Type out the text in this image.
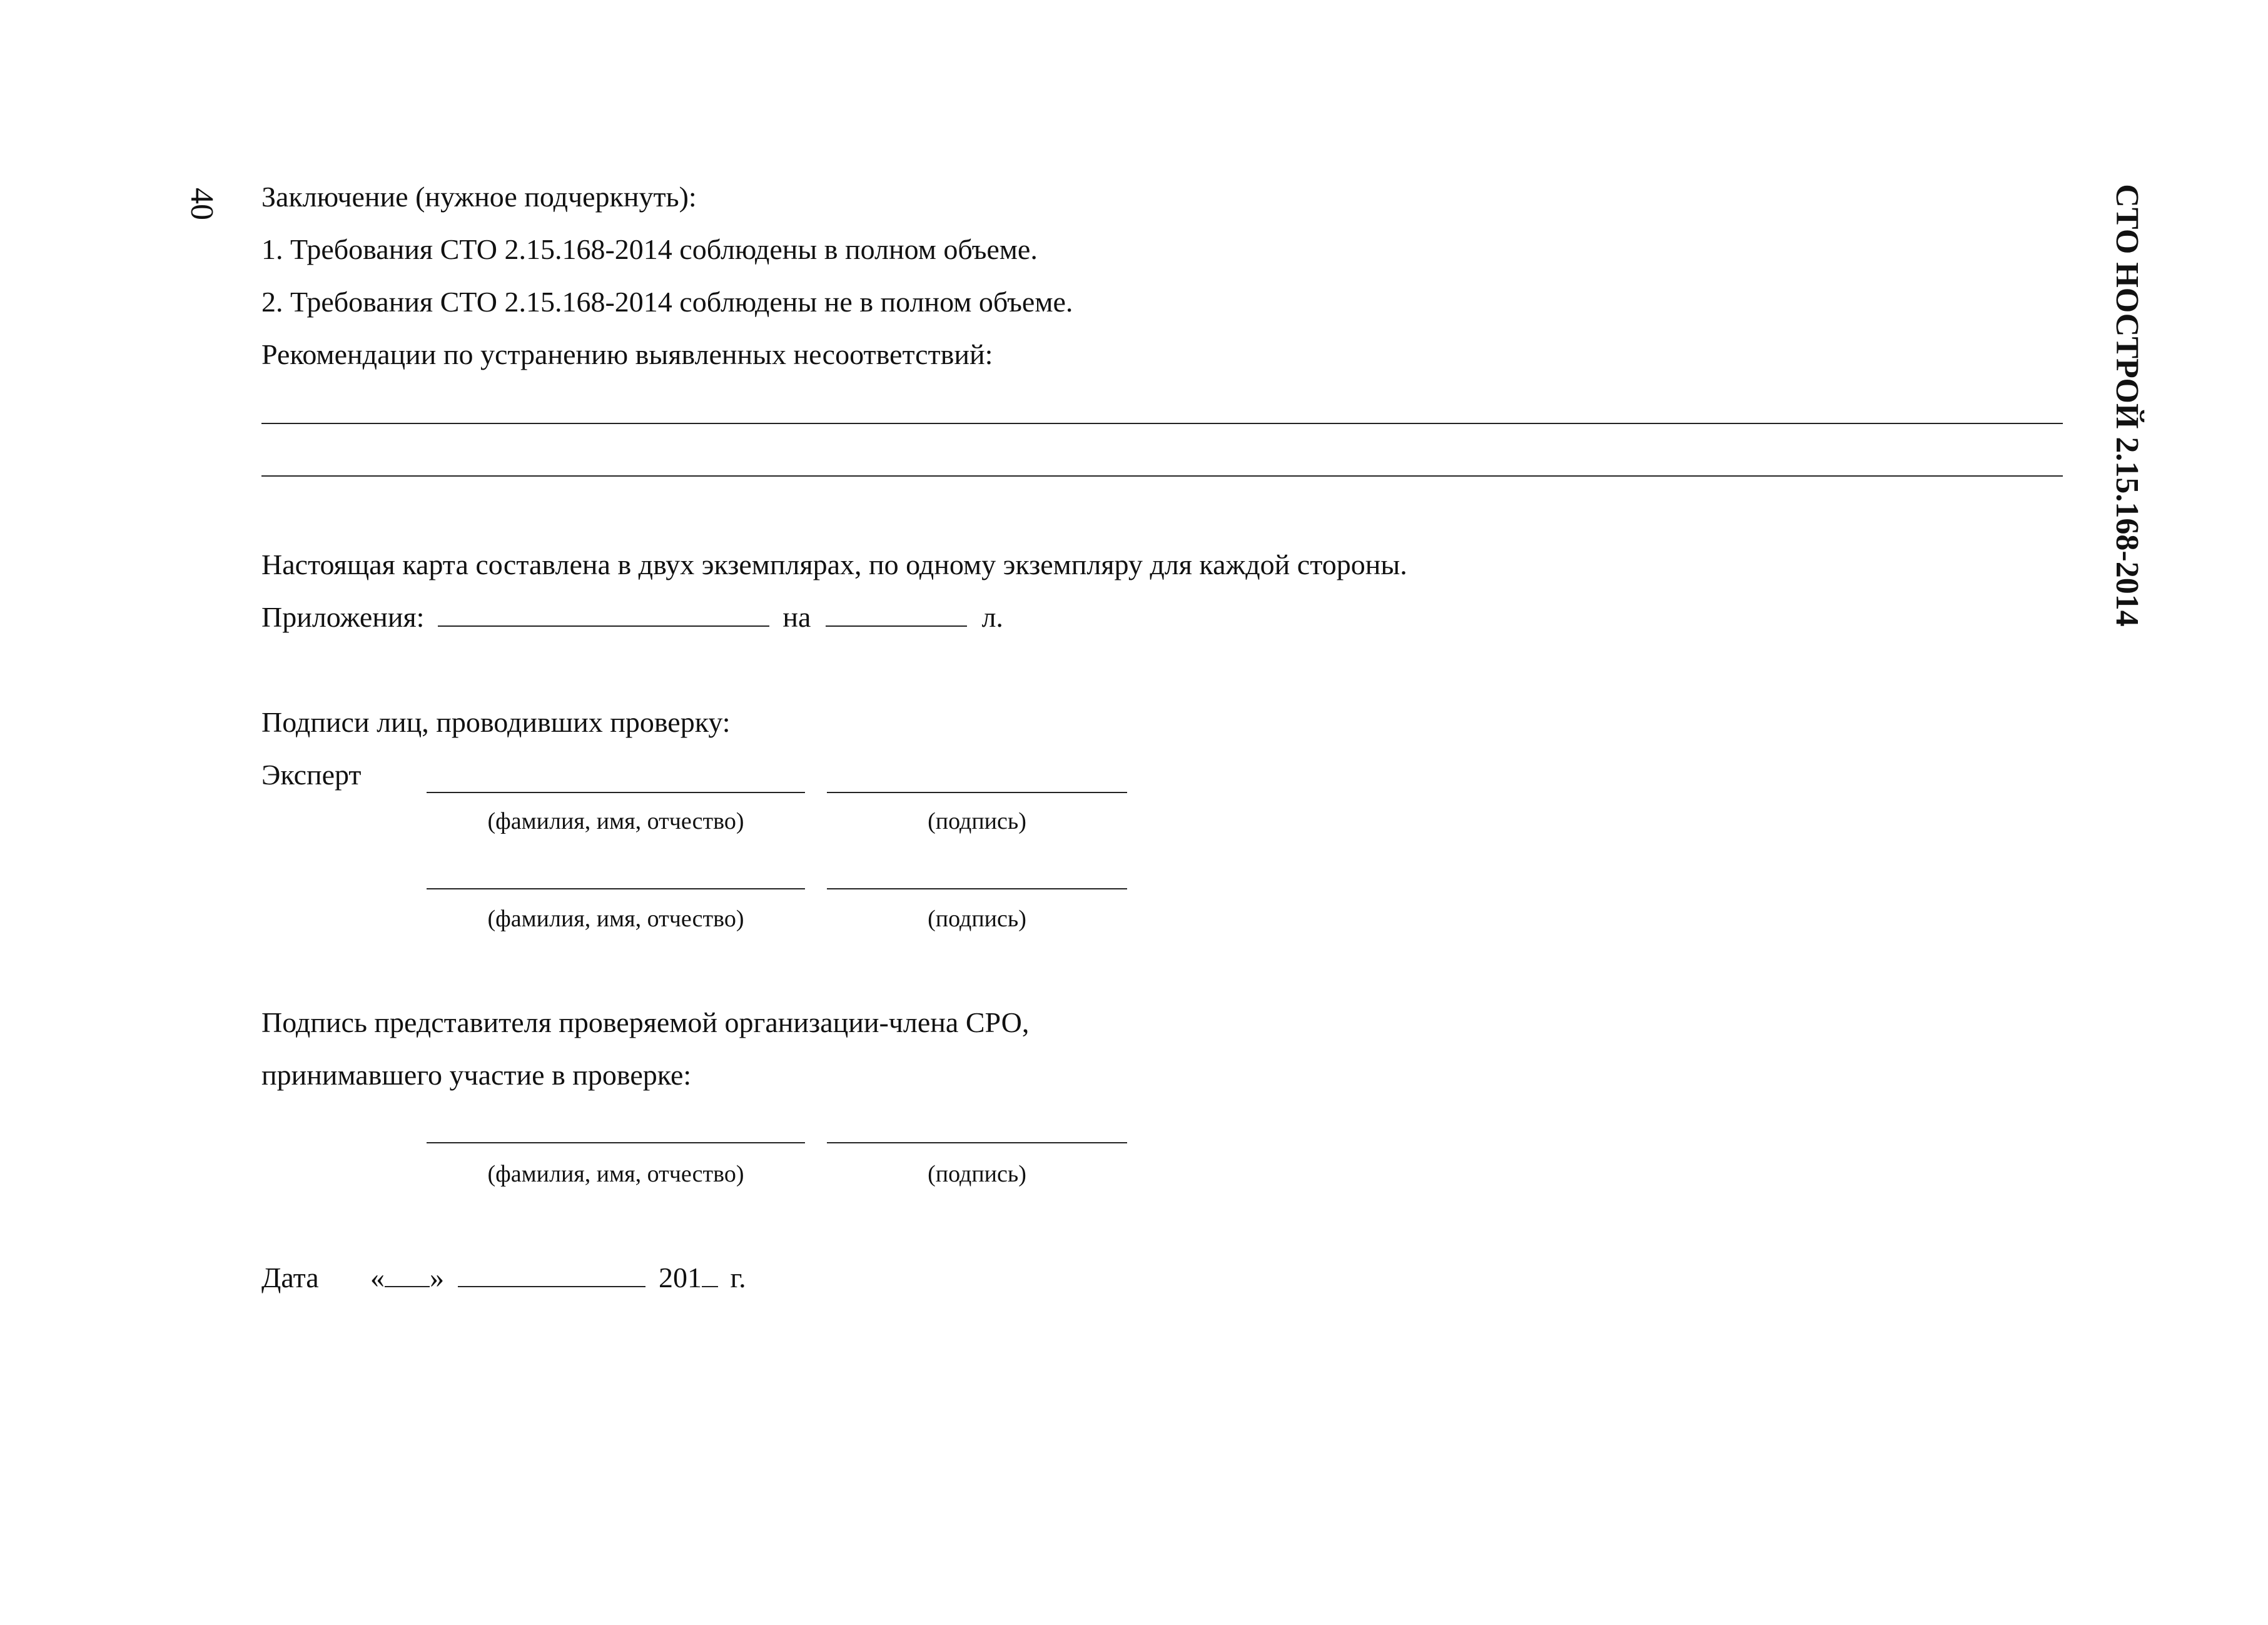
40	СТО НОСТРОЙ 2.15.168-2014
Заключение (нужное подчеркнуть):
1. Требования СТО 2.15.168-2014 соблюдены в полном объеме.
2. Требования СТО 2.15.168-2014 соблюдены не в полном объеме.
Рекомендации по устранению выявленных несоответствий:
Настоящая карта составлена в двух экземплярах, по одному экземпляру для каждой стороны.
Приложения:	на	л.
Подписи лиц, проводивших проверку:
Эксперт
(фамилия, имя, отчество)	(подпись)
(фамилия, имя, отчество)	(подпись)
Подпись представителя проверяемой организации-члена СРО,
принимавшего участие в проверке:
(фамилия, имя, отчество)	(подпись)
Дата « »	201 г.
